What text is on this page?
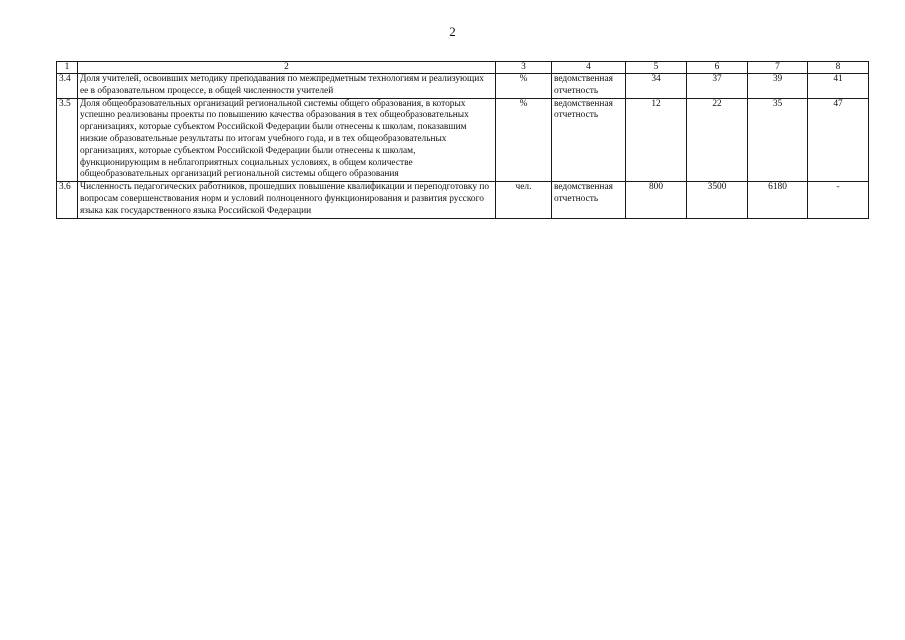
2
1	2	3	4	5	6	7	8
3.4	Доля учителей, освоивших методику преподавания по межпредметным технологиям и реализующих ее в образовательном процессе, в общей численности учителей	%	ведомственная отчетность	34	37	39	41
3.5	Доля общеобразовательных организаций региональной системы общего образования, в которых успешно реализованы проекты по повышению качества образования в тех общеобразовательных организациях, которые субъектом Российской Федерации были отнесены к школам, показавшим низкие образовательные результаты по итогам учебного года, и в тех общеобразовательных организациях, которые субъектом Российской Федерации были отнесены к школам, функционирующим в неблагоприятных социальных условиях, в общем количестве общеобразовательных организаций региональной системы общего образования	%	ведомственная отчетность	12	22	35	47
3.6	Численность педагогических работников, прошедших повышение квалификации и переподготовку по вопросам совершенствования норм и условий полноценного функционирования и развития русского языка как государственного языка Российской Федерации	чел.	ведомственная отчетность	800	3500	6180	-
